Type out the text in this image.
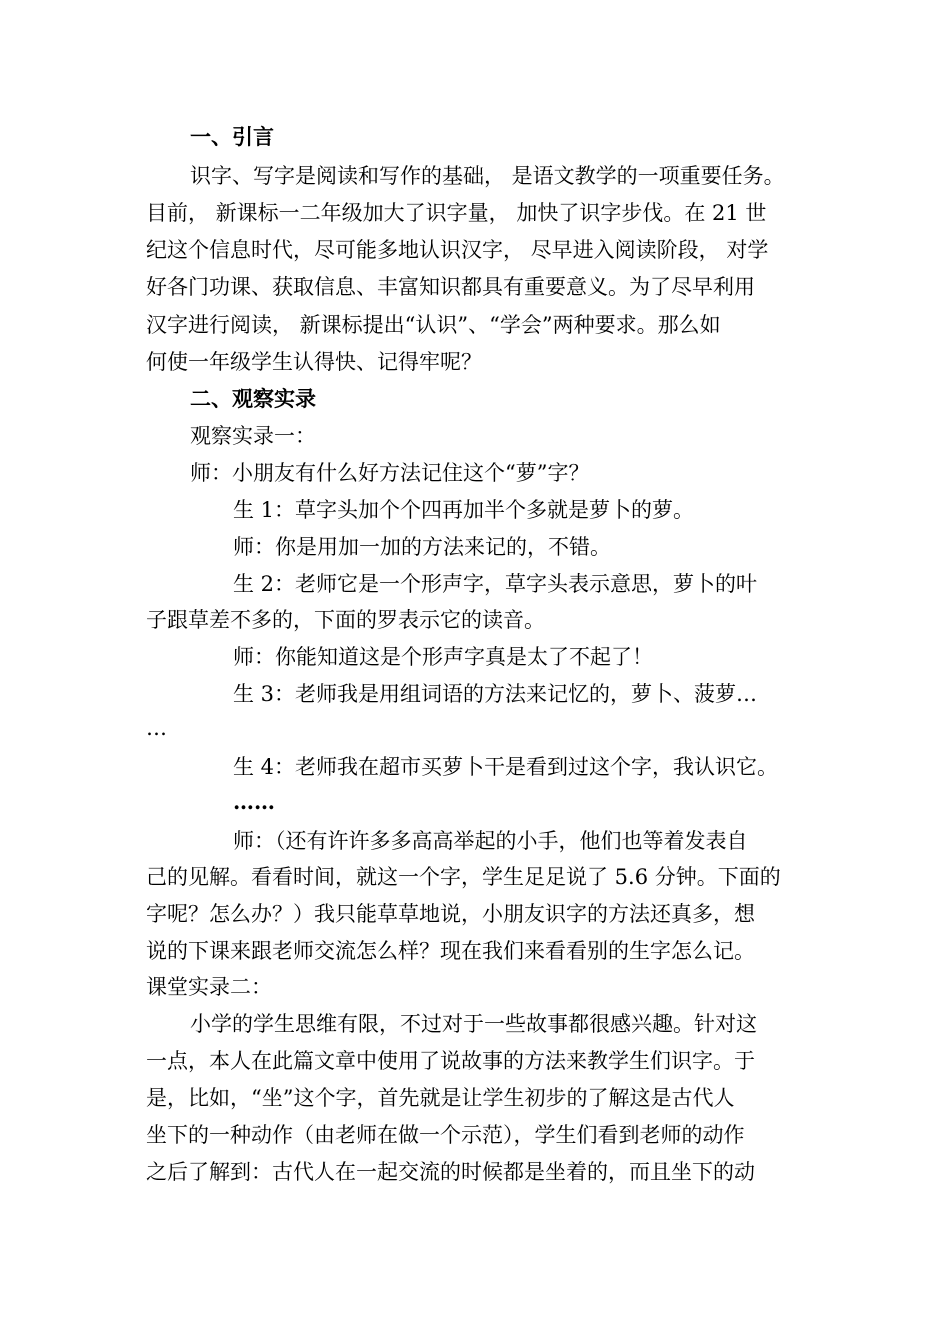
一、引言
识字、写字是阅读和写作的基础， 是语文教学的一项重要任务。
目前， 新课标一二年级加大了识字量， 加快了识字步伐。在 21 世
纪这个信息时代，尽可能多地认识汉字， 尽早进入阅读阶段， 对学
好各门功课、获取信息、丰富知识都具有重要意义。为了尽早利用
汉字进行阅读， 新课标提出“认识”、“学会”两种要求。那么如
何使一年级学生认得快、记得牢呢？
二、观察实录
观察实录一：
师：小朋友有什么好方法记住这个“萝”字？
生 1：草字头加个个四再加半个多就是萝卜的萝。
师：你是用加一加的方法来记的，不错。
生 2：老师它是一个形声字，草字头表示意思，萝卜的叶
子跟草差不多的，下面的罗表示它的读音。
师：你能知道这是个形声字真是太了不起了！
生 3：老师我是用组词语的方法来记忆的，萝卜、菠萝…
…
生 4：老师我在超市买萝卜干是看到过这个字，我认识它。
……
师：（还有许许多多高高举起的小手，他们也等着发表自
己的见解。看看时间，就这一个字，学生足足说了 5.6 分钟。下面的
字呢？怎么办？）我只能草草地说，小朋友识字的方法还真多，想
说的下课来跟老师交流怎么样？现在我们来看看别的生字怎么记。
课堂实录二：
小学的学生思维有限，不过对于一些故事都很感兴趣。针对这
一点，本人在此篇文章中使用了说故事的方法来教学生们识字。于
是，比如，“坐”这个字，首先就是让学生初步的了解这是古代人
坐下的一种动作（由老师在做一个示范），学生们看到老师的动作
之后了解到：古代人在一起交流的时候都是坐着的，而且坐下的动
